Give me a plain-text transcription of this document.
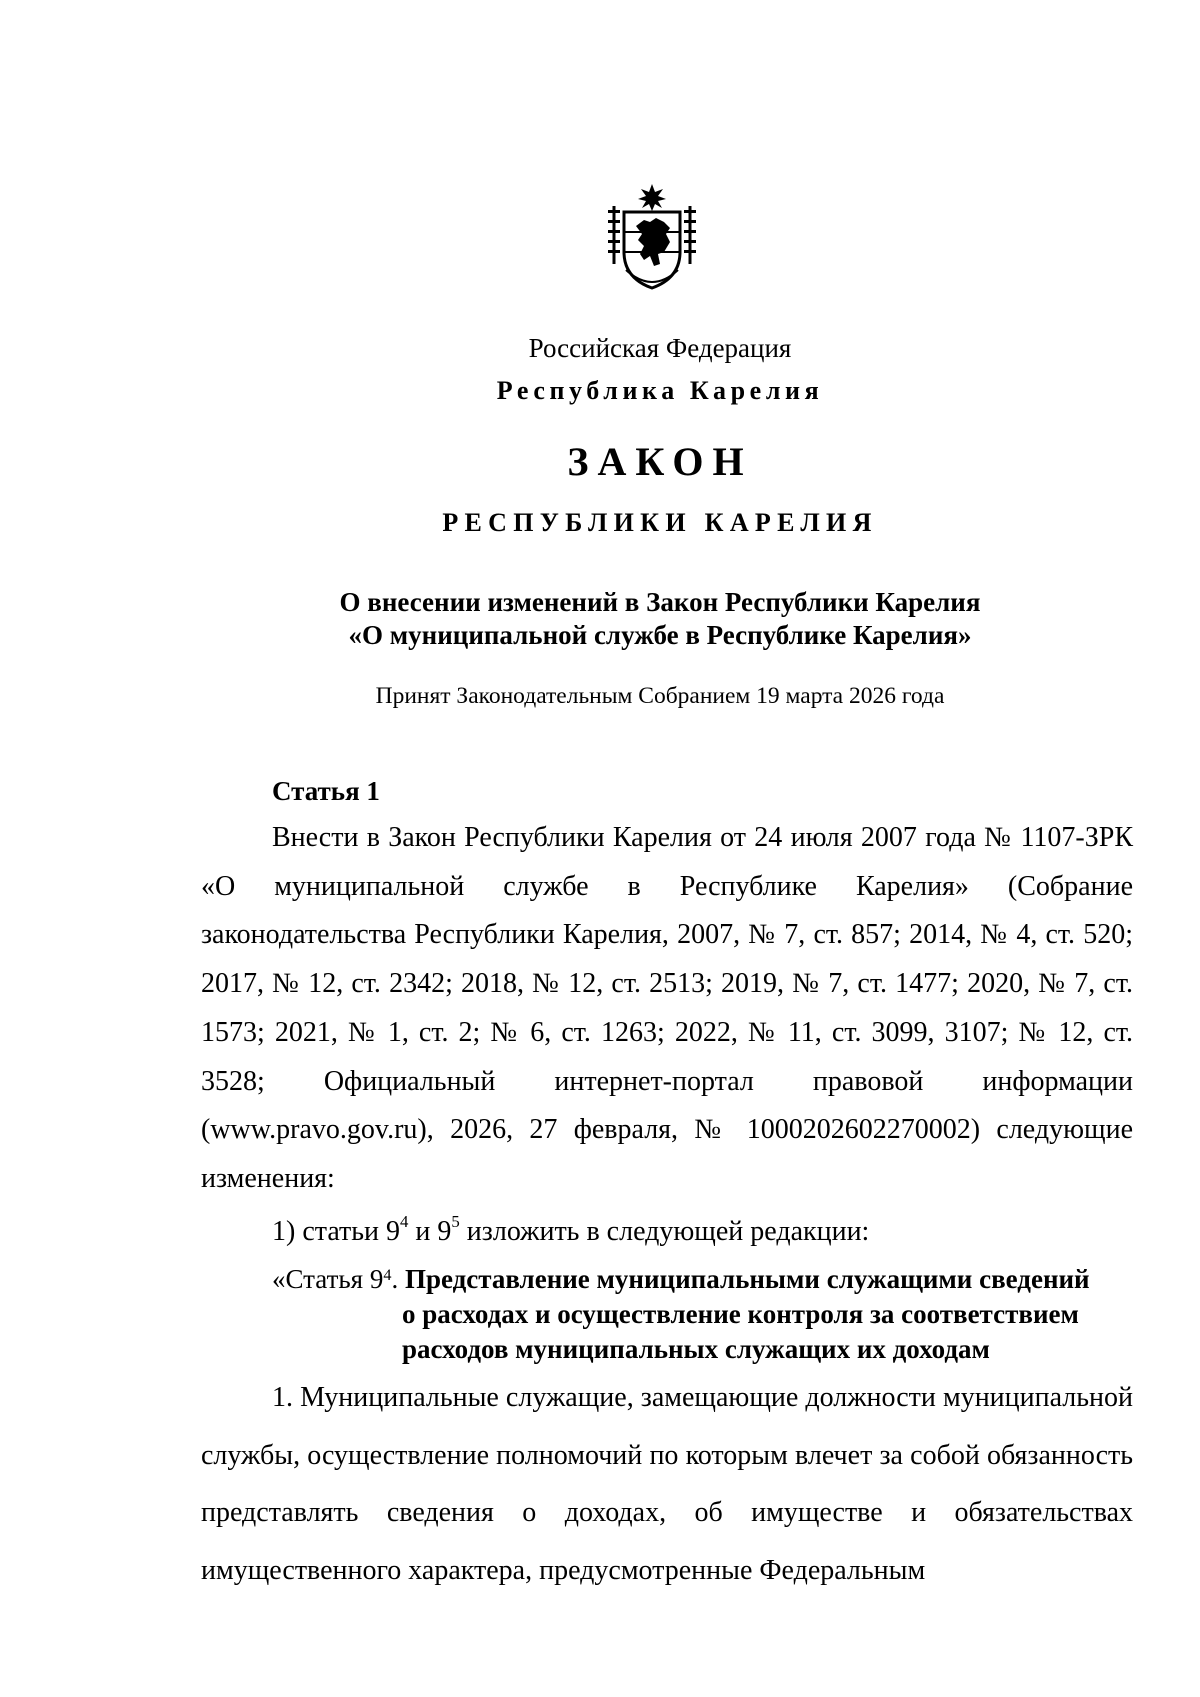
Российская Федерация
Республика Карелия
ЗАКОН
РЕСПУБЛИКИ КАРЕЛИЯ
О внесении изменений в Закон Республики Карелия
«О муниципальной службе в Республике Карелия»
Принят Законодательным Собранием 19 марта 2026 года
Статья 1
Внести в Закон Республики Карелия от 24 июля 2007 года № 1107-ЗРК «О муниципальной службе в Республике Карелия» (Собрание законодательства Республики Карелия, 2007, № 7, ст. 857; 2014, № 4, ст. 520; 2017, № 12, ст. 2342; 2018, № 12, ст. 2513; 2019, № 7, ст. 1477; 2020, № 7, ст. 1573; 2021, № 1, ст. 2; № 6, ст. 1263; 2022, № 11, ст. 3099, 3107; № 12, ст. 3528; Официальный интернет-портал правовой информации (www.pravo.gov.ru), 2026, 27 февраля, № 1000202602270002) следующие изменения:
1) статьи $9^4$ и $9^5$ изложить в следующей редакции:
«Статья $9^4$. Представление муниципальными служащими сведений
о расходах и осуществление контроля за соответствием
расходов муниципальных служащих их доходам
1. Муниципальные служащие, замещающие должности муниципальной службы, осуществление полномочий по которым влечет за собой обязанность представлять сведения о доходах, об имуществе и обязательствах имущественного характера, предусмотренные Федеральным
